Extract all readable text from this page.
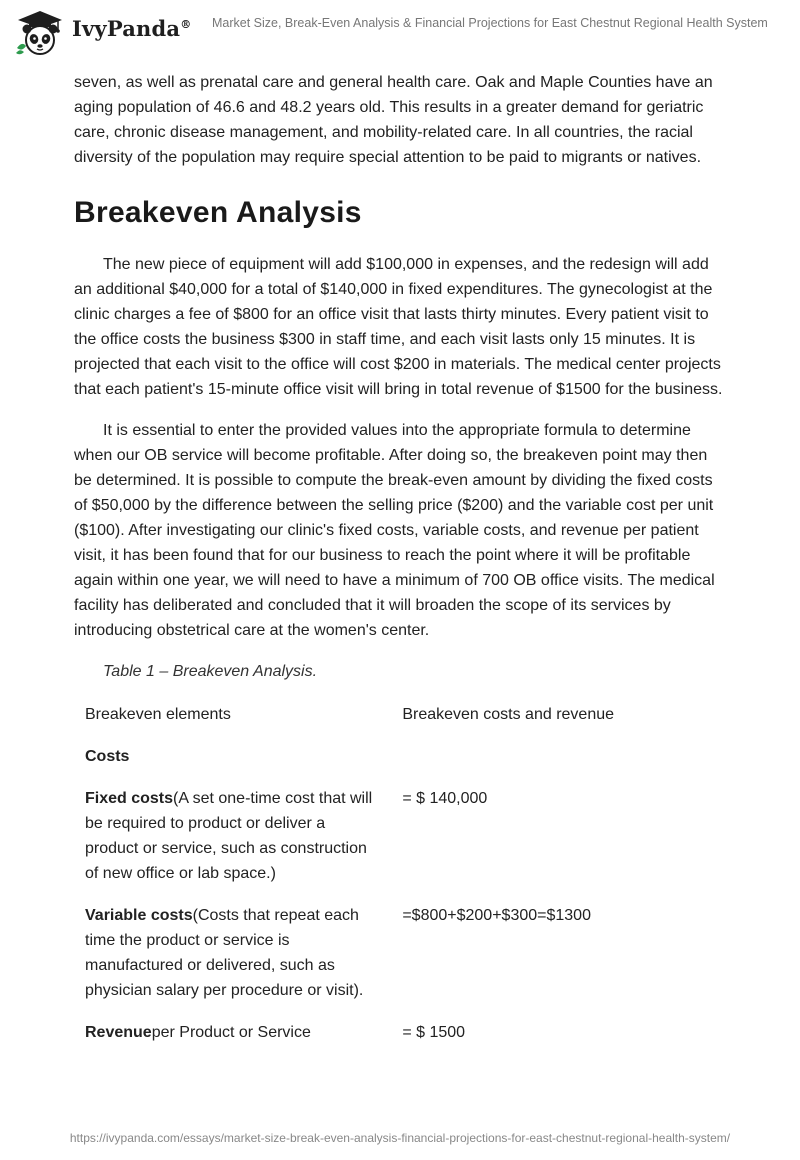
IvyPanda® Market Size, Break-Even Analysis & Financial Projections for East Chestnut Regional Health System

seven, as well as prenatal care and general health care. Oak and Maple Counties have an aging population of 46.6 and 48.2 years old. This results in a greater demand for geriatric care, chronic disease management, and mobility-related care. In all countries, the racial diversity of the population may require special attention to be paid to migrants or natives.

Breakeven Analysis

The new piece of equipment will add $100,000 in expenses, and the redesign will add an additional $40,000 for a total of $140,000 in fixed expenditures. The gynecologist at the clinic charges a fee of $800 for an office visit that lasts thirty minutes. Every patient visit to the office costs the business $300 in staff time, and each visit lasts only 15 minutes. It is projected that each visit to the office will cost $200 in materials. The medical center projects that each patient's 15-minute office visit will bring in total revenue of $1500 for the business.

It is essential to enter the provided values into the appropriate formula to determine when our OB service will become profitable. After doing so, the breakeven point may then be determined. It is possible to compute the break-even amount by dividing the fixed costs of $50,000 by the difference between the selling price ($200) and the variable cost per unit ($100). After investigating our clinic's fixed costs, variable costs, and revenue per patient visit, it has been found that for our business to reach the point where it will be profitable again within one year, we will need to have a minimum of 700 OB office visits. The medical facility has deliberated and concluded that it will broaden the scope of its services by introducing obstetrical care at the women's center.

Table 1 – Breakeven Analysis.
Breakeven elements	Breakeven costs and revenue

Costs	

Fixed costs(A set one-time cost that will be required to product or deliver a product or service, such as construction of new office or lab space.)	= $ 140,000

Variable costs(Costs that repeat each time the product or service is manufactured or delivered, such as physician salary per procedure or visit).	=$800+$200+$300=$1300

Revenueper Product or Service	= $ 1500
https://ivypanda.com/essays/market-size-break-even-analysis-financial-projections-for-east-chestnut-regional-health-system/
